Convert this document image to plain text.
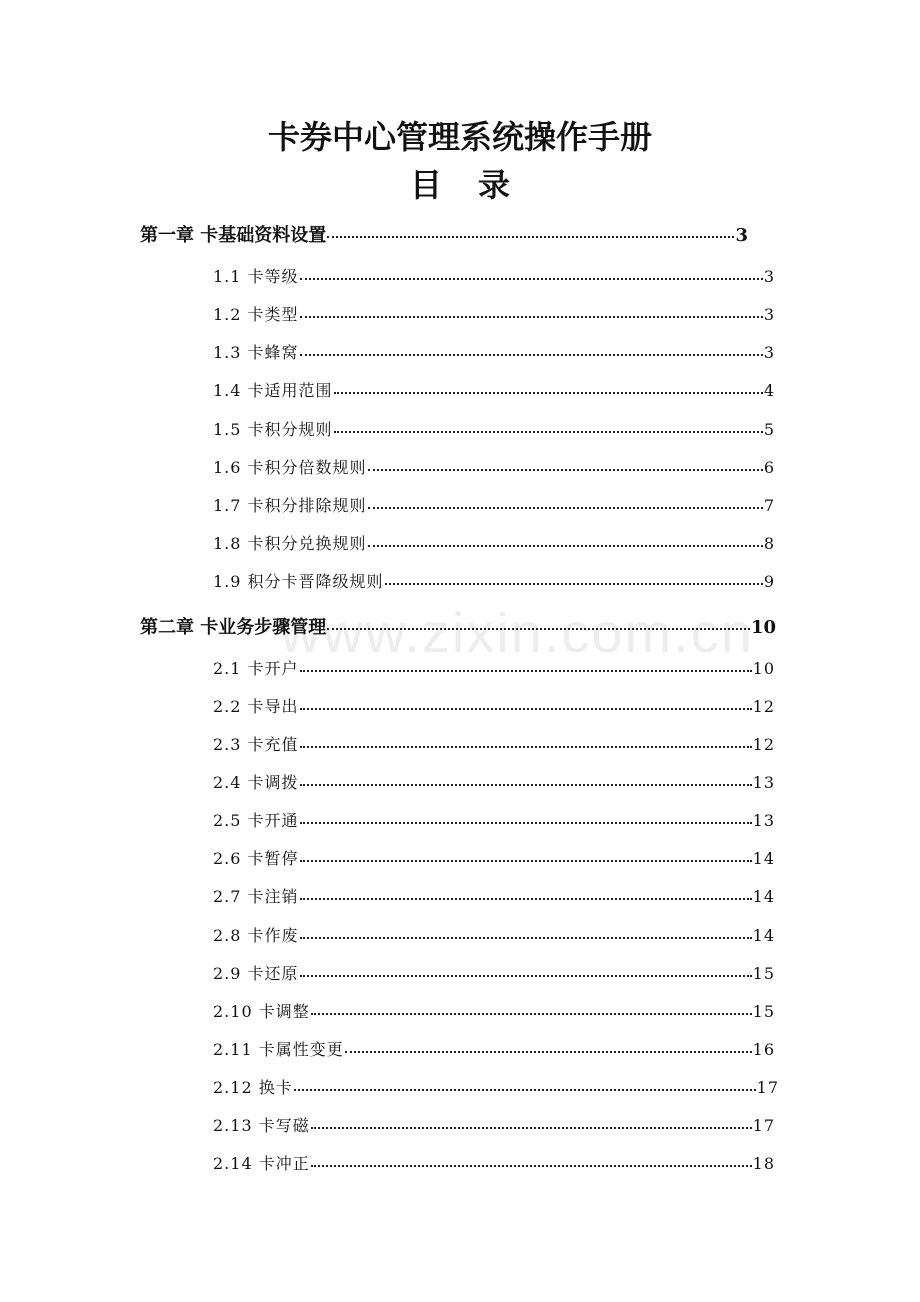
卡券中心管理系统操作手册
目录
www.zixin.com.cn
第一章 卡基础资料设置	3
1.1 卡等级	3
1.2 卡类型	3
1.3 卡蜂窝	3
1.4 卡适用范围	4
1.5 卡积分规则	5
1.6 卡积分倍数规则	6
1.7 卡积分排除规则	7
1.8 卡积分兑换规则	8
1.9 积分卡晋降级规则	9
第二章 卡业务步骤管理	10
2.1 卡开户	10
2.2 卡导出	12
2.3 卡充值	12
2.4 卡调拨	13
2.5 卡开通	13
2.6 卡暂停	14
2.7 卡注销	14
2.8 卡作废	14
2.9 卡还原	15
2.10 卡调整	15
2.11 卡属性变更	16
2.12 换卡	17
2.13 卡写磁	17
2.14 卡冲正	18
